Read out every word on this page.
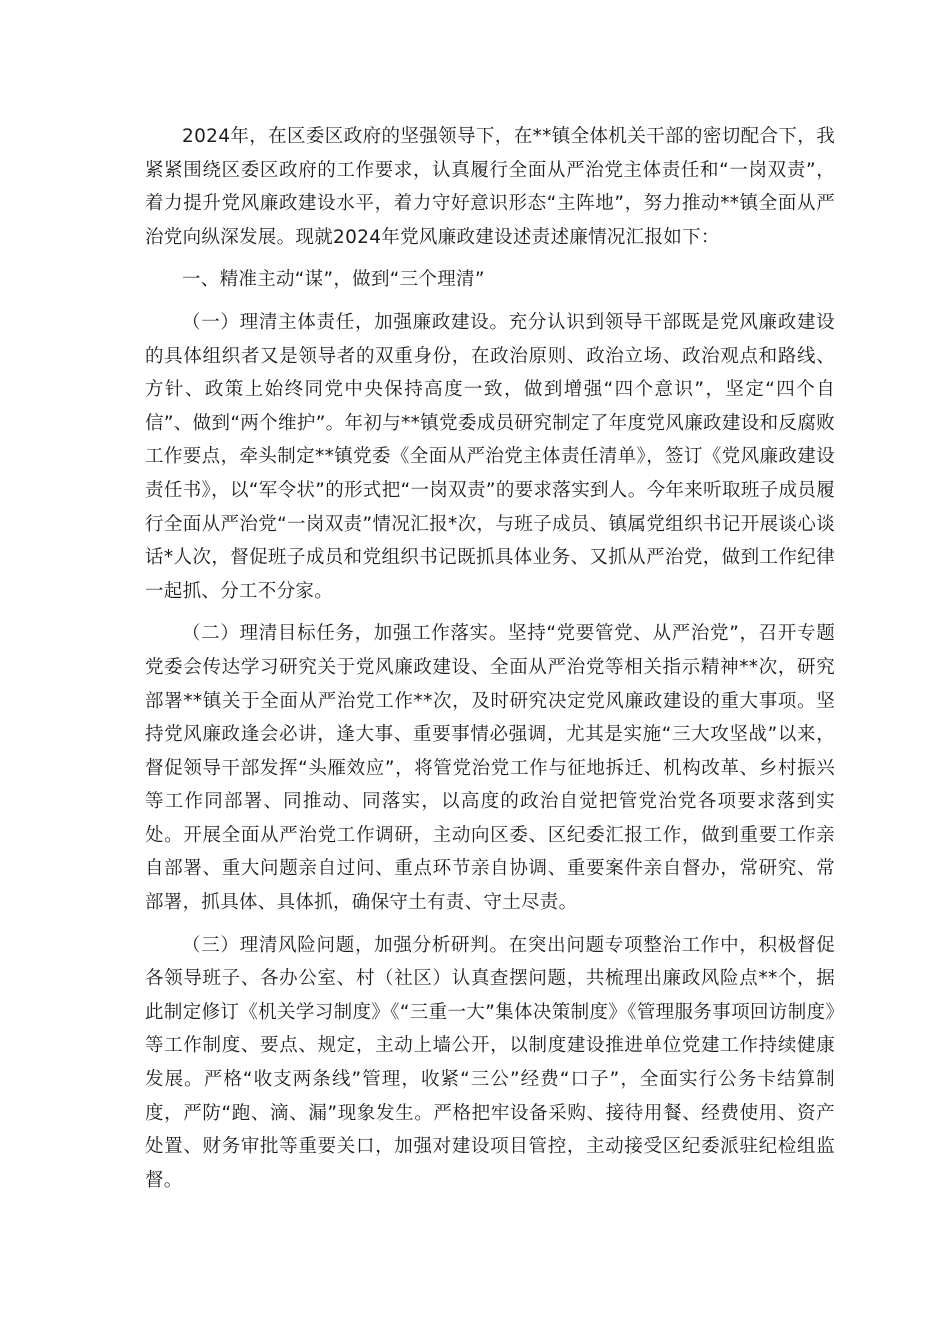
2024年，在区委区政府的坚强领导下，在**镇全体机关干部的密切配合下，我紧紧围绕区委区政府的工作要求，认真履行全面从严治党主体责任和“一岗双责”，着力提升党风廉政建设水平，着力守好意识形态“主阵地”，努力推动**镇全面从严治党向纵深发展。现就2024年党风廉政建设述责述廉情况汇报如下：

一、精准主动“谋”，做到“三个理清”

（一）理清主体责任，加强廉政建设。充分认识到领导干部既是党风廉政建设的具体组织者又是领导者的双重身份，在政治原则、政治立场、政治观点和路线、方针、政策上始终同党中央保持高度一致，做到增强“四个意识”，坚定“四个自信”、做到“两个维护”。年初与**镇党委成员研究制定了年度党风廉政建设和反腐败工作要点，牵头制定**镇党委《全面从严治党主体责任清单》，签订《党风廉政建设责任书》，以“军令状”的形式把“一岗双责”的要求落实到人。今年来听取班子成员履行全面从严治党“一岗双责”情况汇报*次，与班子成员、镇属党组织书记开展谈心谈话*人次，督促班子成员和党组织书记既抓具体业务、又抓从严治党，做到工作纪律一起抓、分工不分家。

（二）理清目标任务，加强工作落实。坚持“党要管党、从严治党”，召开专题党委会传达学习研究关于党风廉政建设、全面从严治党等相关指示精神**次，研究部署**镇关于全面从严治党工作**次，及时研究决定党风廉政建设的重大事项。坚持党风廉政逢会必讲，逢大事、重要事情必强调，尤其是实施“三大攻坚战”以来，督促领导干部发挥“头雁效应”，将管党治党工作与征地拆迁、机构改革、乡村振兴等工作同部署、同推动、同落实，以高度的政治自觉把管党治党各项要求落到实处。开展全面从严治党工作调研，主动向区委、区纪委汇报工作，做到重要工作亲自部署、重大问题亲自过问、重点环节亲自协调、重要案件亲自督办，常研究、常部署，抓具体、具体抓，确保守土有责、守土尽责。

（三）理清风险问题，加强分析研判。在突出问题专项整治工作中，积极督促各领导班子、各办公室、村（社区）认真查摆问题，共梳理出廉政风险点**个，据此制定修订《机关学习制度》《“三重一大”集体决策制度》《管理服务事项回访制度》等工作制度、要点、规定，主动上墙公开，以制度建设推进单位党建工作持续健康发展。严格“收支两条线”管理，收紧“三公”经费“口子”，全面实行公务卡结算制度，严防“跑、滴、漏”现象发生。严格把牢设备采购、接待用餐、经费使用、资产处置、财务审批等重要关口，加强对建设项目管控，主动接受区纪委派驻纪检组监督。
